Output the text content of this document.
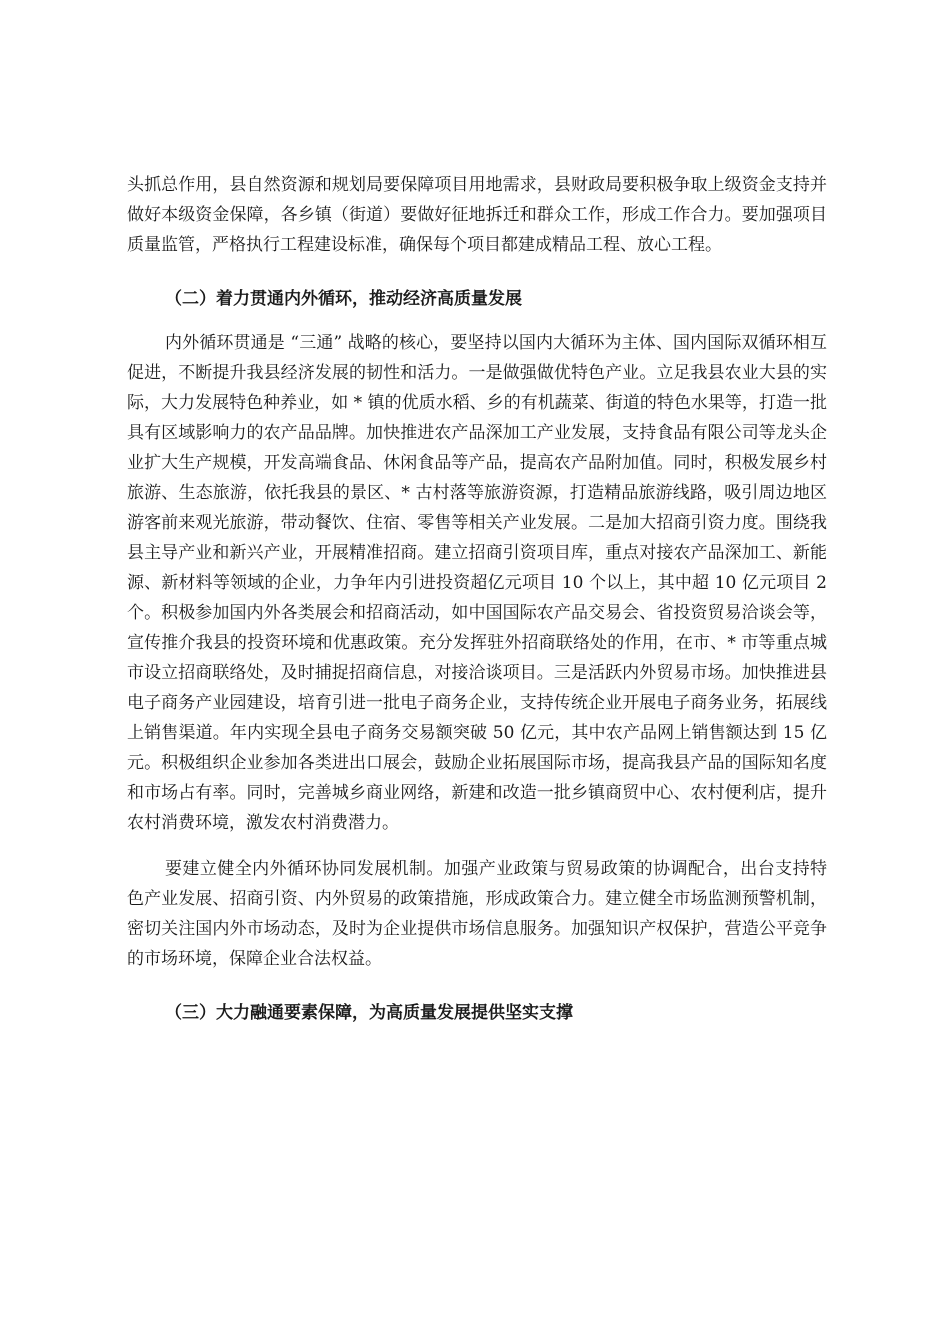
头抓总作用，县自然资源和规划局要保障项目用地需求，县财政局要积极争取上级资金支持并做好本级资金保障，各乡镇（街道）要做好征地拆迁和群众工作，形成工作合力。要加强项目质量监管，严格执行工程建设标准，确保每个项目都建成精品工程、放心工程。

（二）着力贯通内外循环，推动经济高质量发展

内外循环贯通是 “三通” 战略的核心，要坚持以国内大循环为主体、国内国际双循环相互促进，不断提升我县经济发展的韧性和活力。一是做强做优特色产业。立足我县农业大县的实际，大力发展特色种养业，如 * 镇的优质水稻、乡的有机蔬菜、街道的特色水果等，打造一批具有区域影响力的农产品品牌。加快推进农产品深加工产业发展，支持食品有限公司等龙头企业扩大生产规模，开发高端食品、休闲食品等产品，提高农产品附加值。同时，积极发展乡村旅游、生态旅游，依托我县的景区、* 古村落等旅游资源，打造精品旅游线路，吸引周边地区游客前来观光旅游，带动餐饮、住宿、零售等相关产业发展。二是加大招商引资力度。围绕我县主导产业和新兴产业，开展精准招商。建立招商引资项目库，重点对接农产品深加工、新能源、新材料等领域的企业，力争年内引进投资超亿元项目 10 个以上，其中超 10 亿元项目 2 个。积极参加国内外各类展会和招商活动，如中国国际农产品交易会、省投资贸易洽谈会等，宣传推介我县的投资环境和优惠政策。充分发挥驻外招商联络处的作用，在市、* 市等重点城市设立招商联络处，及时捕捉招商信息，对接洽谈项目。三是活跃内外贸易市场。加快推进县电子商务产业园建设，培育引进一批电子商务企业，支持传统企业开展电子商务业务，拓展线上销售渠道。年内实现全县电子商务交易额突破 50 亿元，其中农产品网上销售额达到 15 亿元。积极组织企业参加各类进出口展会，鼓励企业拓展国际市场，提高我县产品的国际知名度和市场占有率。同时，完善城乡商业网络，新建和改造一批乡镇商贸中心、农村便利店，提升农村消费环境，激发农村消费潜力。

要建立健全内外循环协同发展机制。加强产业政策与贸易政策的协调配合，出台支持特色产业发展、招商引资、内外贸易的政策措施，形成政策合力。建立健全市场监测预警机制，密切关注国内外市场动态，及时为企业提供市场信息服务。加强知识产权保护，营造公平竞争的市场环境，保障企业合法权益。

（三）大力融通要素保障，为高质量发展提供坚实支撑
